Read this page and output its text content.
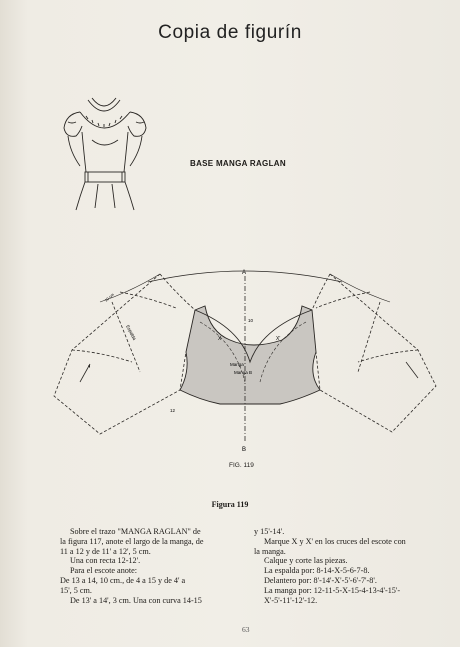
Copia de figurín
BASE MANGA RAGLAN
A
B
Espalda
Manga
Manga B
10
12
10 cm
X	X'
FIG. 119
Figura 119

Sobre el trazo "MANGA RAGLAN" de

la figura 117, anote el largo de la manga, de

11 a 12 y de 11' a 12', 5 cm.

Una con recta 12-12'.

Para el escote anote:

De 13 a 14, 10 cm., de 4 a 15 y de 4' a

15', 5 cm.

De 13' a 14', 3 cm. Una con curva 14-15

y 15'-14'.

Marque X y X' en los cruces del escote con

la manga.

Calque y corte las piezas.

La espalda por: 8-14-X-5-6-7-8.

Delantero por: 8'-14'-X'-5'-6'-7'-8'.

La manga por: 12-11-5-X-15-4-13-4'-15'-

X'-5'-11'-12'-12.

63
